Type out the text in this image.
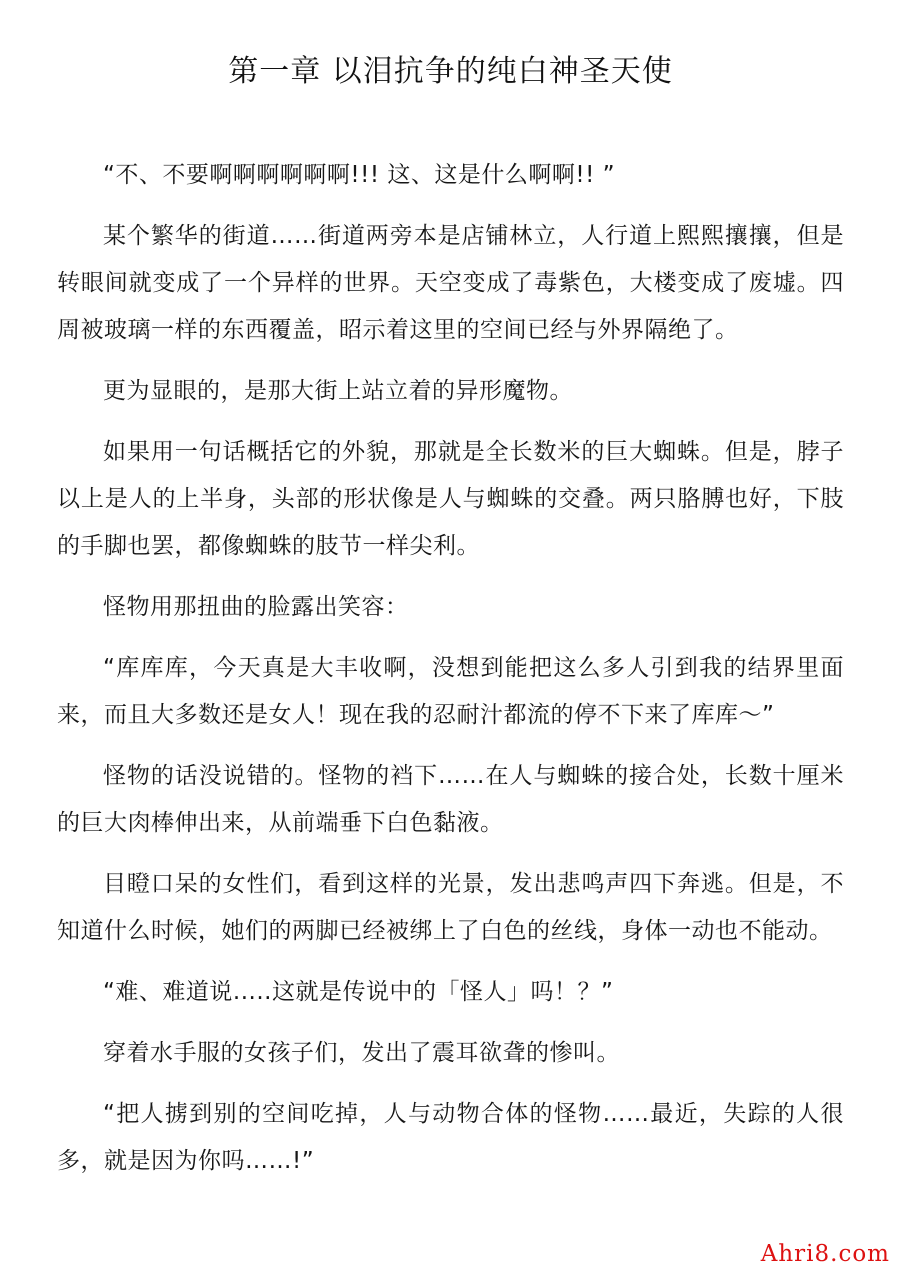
第一章 以泪抗争的纯白神圣天使

“不、不要啊啊啊啊啊啊!!! 这、这是什么啊啊!! ”

某个繁华的街道……街道两旁本是店铺林立，人行道上熙熙攘攘，但是转眼间就变成了一个异样的世界。天空变成了毒紫色，大楼变成了废墟。四周被玻璃一样的东西覆盖，昭示着这里的空间已经与外界隔绝了。

更为显眼的，是那大街上站立着的异形魔物。

如果用一句话概括它的外貌，那就是全长数米的巨大蜘蛛。但是，脖子以上是人的上半身，头部的形状像是人与蜘蛛的交叠。两只胳膊也好，下肢的手脚也罢，都像蜘蛛的肢节一样尖利。

怪物用那扭曲的脸露出笑容：

“库库库，今天真是大丰收啊，没想到能把这么多人引到我的结界里面来，而且大多数还是女人！现在我的忍耐汁都流的停不下来了库库～”

怪物的话没说错的。怪物的裆下……在人与蜘蛛的接合处，长数十厘米的巨大肉棒伸出来，从前端垂下白色黏液。

目瞪口呆的女性们，看到这样的光景，发出悲鸣声四下奔逃。但是，不知道什么时候，她们的两脚已经被绑上了白色的丝线，身体一动也不能动。

“难、难道说.....这就是传说中的「怪人」吗！？”

穿着水手服的女孩子们，发出了震耳欲聋的惨叫。

“把人掳到别的空间吃掉，人与动物合体的怪物……最近，失踪的人很多，就是因为你吗……!”

Ahri8.com
